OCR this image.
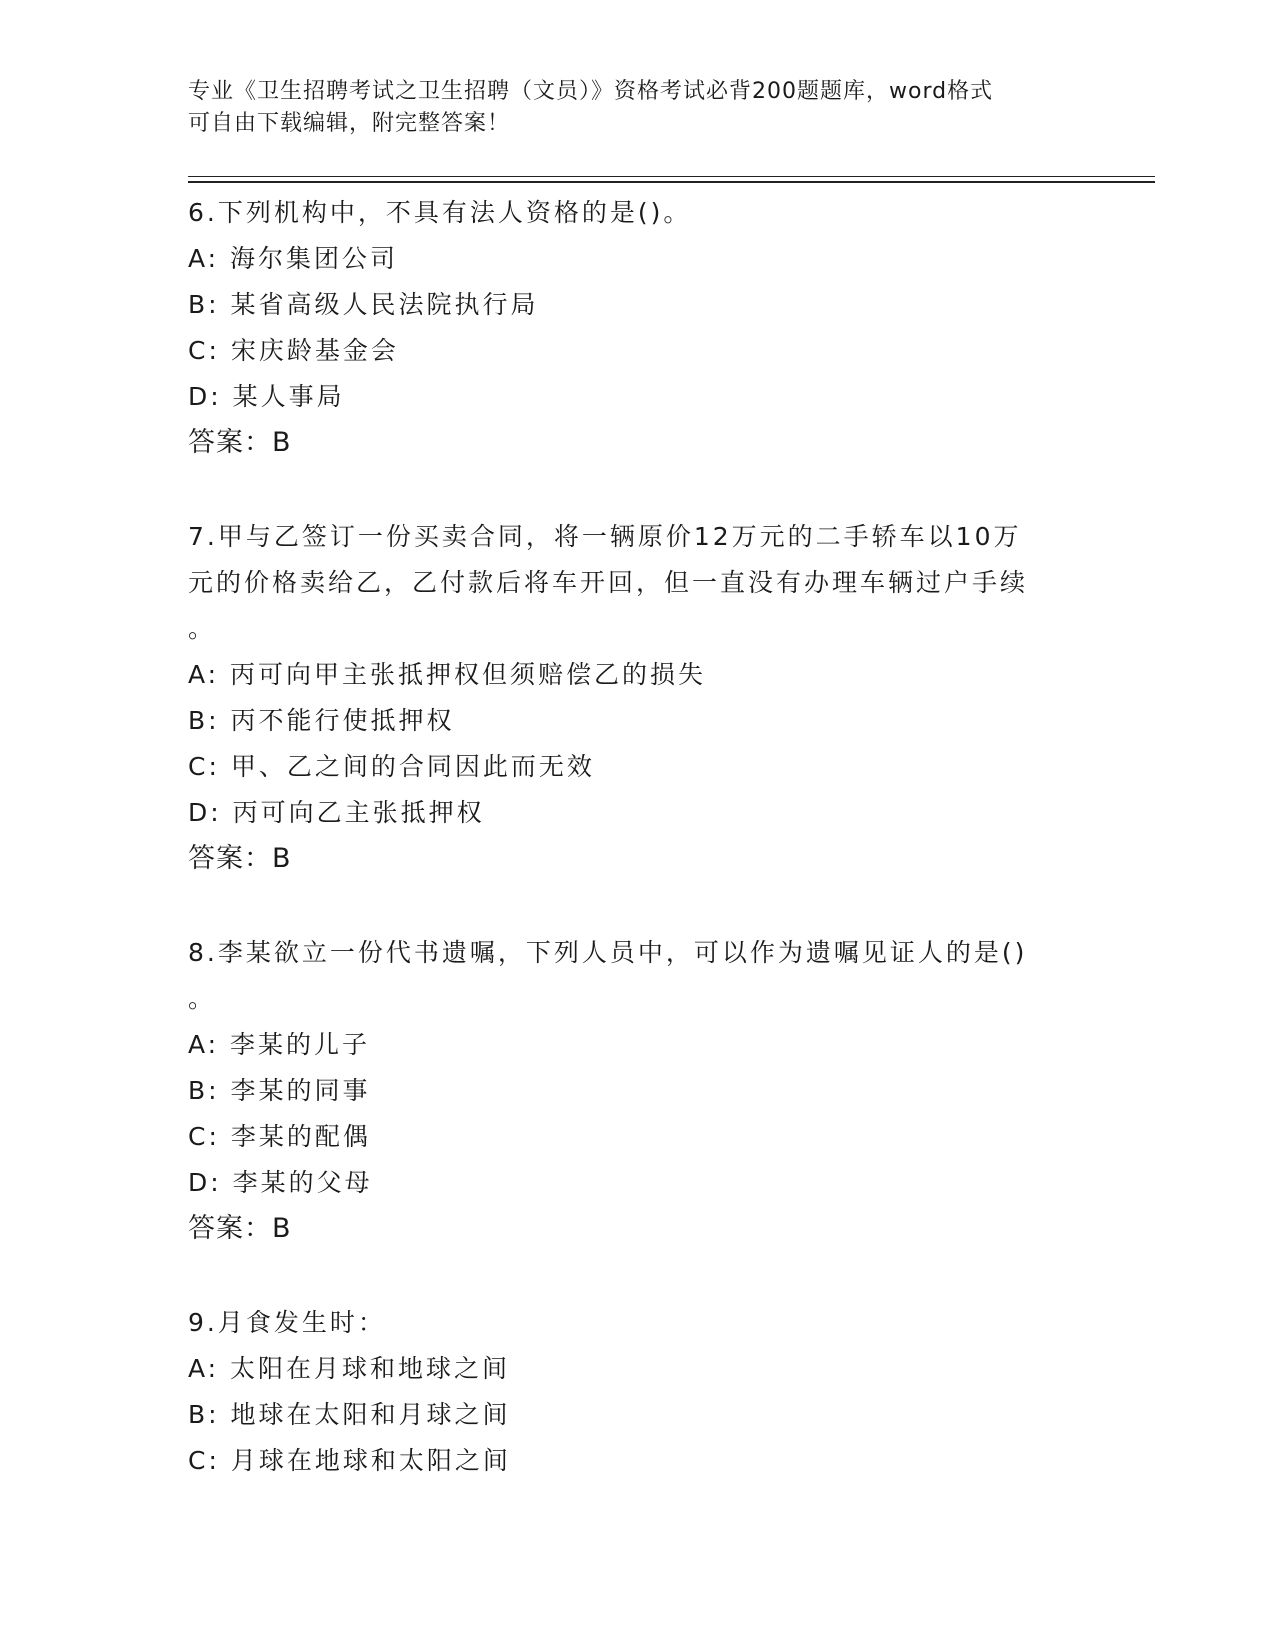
专业《卫生招聘考试之卫生招聘（文员）》资格考试必背200题题库，word格式
可自由下载编辑，附完整答案！
6.下列机构中，不具有法人资格的是()。
A: 海尔集团公司
B: 某省高级人民法院执行局
C: 宋庆龄基金会
D: 某人事局
答案：B
7.甲与乙签订一份买卖合同，将一辆原价12万元的二手轿车以10万
元的价格卖给乙，乙付款后将车开回，但一直没有办理车辆过户手续
。
A: 丙可向甲主张抵押权但须赔偿乙的损失
B: 丙不能行使抵押权
C: 甲、乙之间的合同因此而无效
D: 丙可向乙主张抵押权
答案：B
8.李某欲立一份代书遗嘱，下列人员中，可以作为遗嘱见证人的是()
。
A: 李某的儿子
B: 李某的同事
C: 李某的配偶
D: 李某的父母
答案：B
9.月食发生时：
A: 太阳在月球和地球之间
B: 地球在太阳和月球之间
C: 月球在地球和太阳之间
